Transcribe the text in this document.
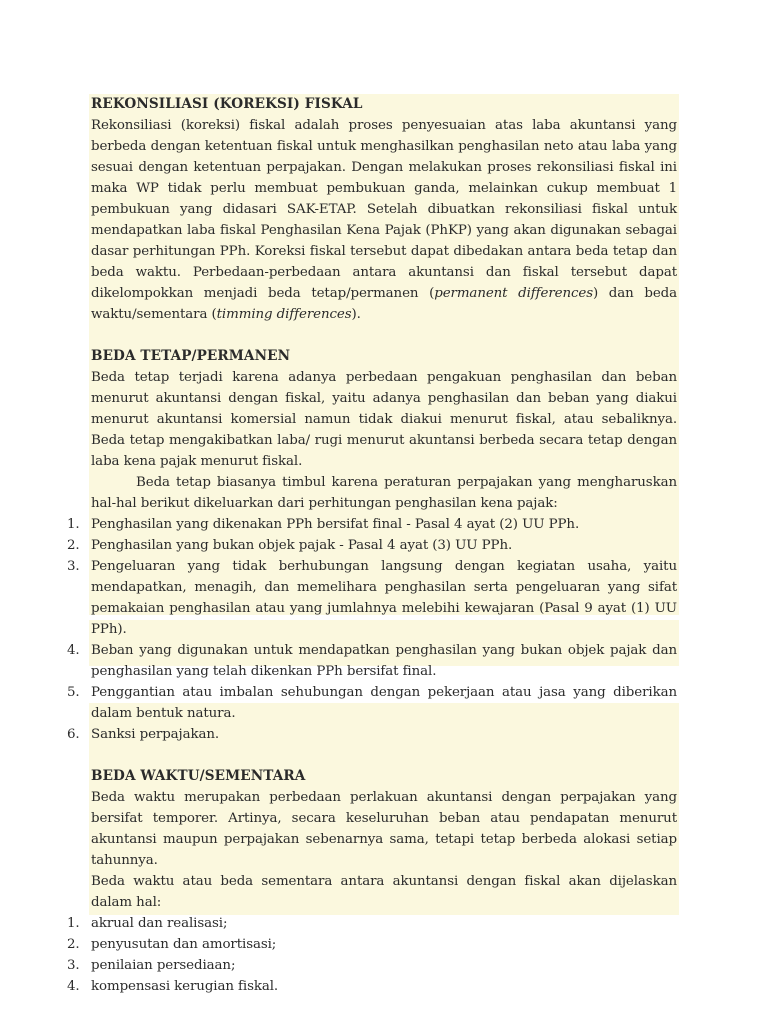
REKONSILIASI (KOREKSI) FISKAL

Rekonsiliasi (koreksi) fiskal adalah proses penyesuaian atas laba akuntansi yang berbeda dengan ketentuan fiskal untuk menghasilkan penghasilan neto atau laba yang sesuai dengan ketentuan perpajakan. Dengan melakukan proses rekonsiliasi fiskal ini maka WP tidak perlu membuat pembukuan ganda, melainkan cukup membuat 1 pembukuan yang didasari SAK-ETAP. Setelah dibuatkan rekonsiliasi fiskal untuk mendapatkan laba fiskal Penghasilan Kena Pajak (PhKP) yang akan digunakan sebagai dasar perhitungan PPh. Koreksi fiskal tersebut dapat dibedakan antara beda tetap dan beda waktu. Perbedaan-perbedaan antara akuntansi dan fiskal tersebut dapat dikelompokkan menjadi beda tetap/permanen (permanent differences) dan beda waktu/sementara (timming differences).

BEDA TETAP/PERMANEN

Beda tetap terjadi karena adanya perbedaan pengakuan penghasilan dan beban menurut akuntansi dengan fiskal, yaitu adanya penghasilan dan beban yang diakui menurut akuntansi komersial namun tidak diakui menurut fiskal, atau sebaliknya. Beda tetap mengakibatkan laba/ rugi menurut akuntansi berbeda secara tetap dengan laba kena pajak menurut fiskal.

Beda tetap biasanya timbul karena peraturan perpajakan yang mengharuskan hal-hal berikut dikeluarkan dari perhitungan penghasilan kena pajak:

1. Penghasilan yang dikenakan PPh bersifat final - Pasal 4 ayat (2) UU PPh.
2. Penghasilan yang bukan objek pajak - Pasal 4 ayat (3) UU PPh.
3. Pengeluaran yang tidak berhubungan langsung dengan kegiatan usaha, yaitu mendapatkan, menagih, dan memelihara penghasilan serta pengeluaran yang sifat pemakaian penghasilan atau yang jumlahnya melebihi kewajaran (Pasal 9 ayat (1) UU PPh).
4. Beban yang digunakan untuk mendapatkan penghasilan yang bukan objek pajak dan penghasilan yang telah dikenkan PPh bersifat final.
5. Penggantian atau imbalan sehubungan dengan pekerjaan atau jasa yang diberikan dalam bentuk natura.
6. Sanksi perpajakan.
BEDA WAKTU/SEMENTARA

Beda waktu merupakan perbedaan perlakuan akuntansi dengan perpajakan yang bersifat temporer. Artinya, secara keseluruhan beban atau pendapatan menurut akuntansi maupun perpajakan sebenarnya sama, tetapi tetap berbeda alokasi setiap tahunnya.

Beda waktu atau beda sementara antara akuntansi dengan fiskal akan dijelaskan dalam hal:

1. akrual dan realisasi;
2. penyusutan dan amortisasi;
3. penilaian persediaan;
4. kompensasi kerugian fiskal.
